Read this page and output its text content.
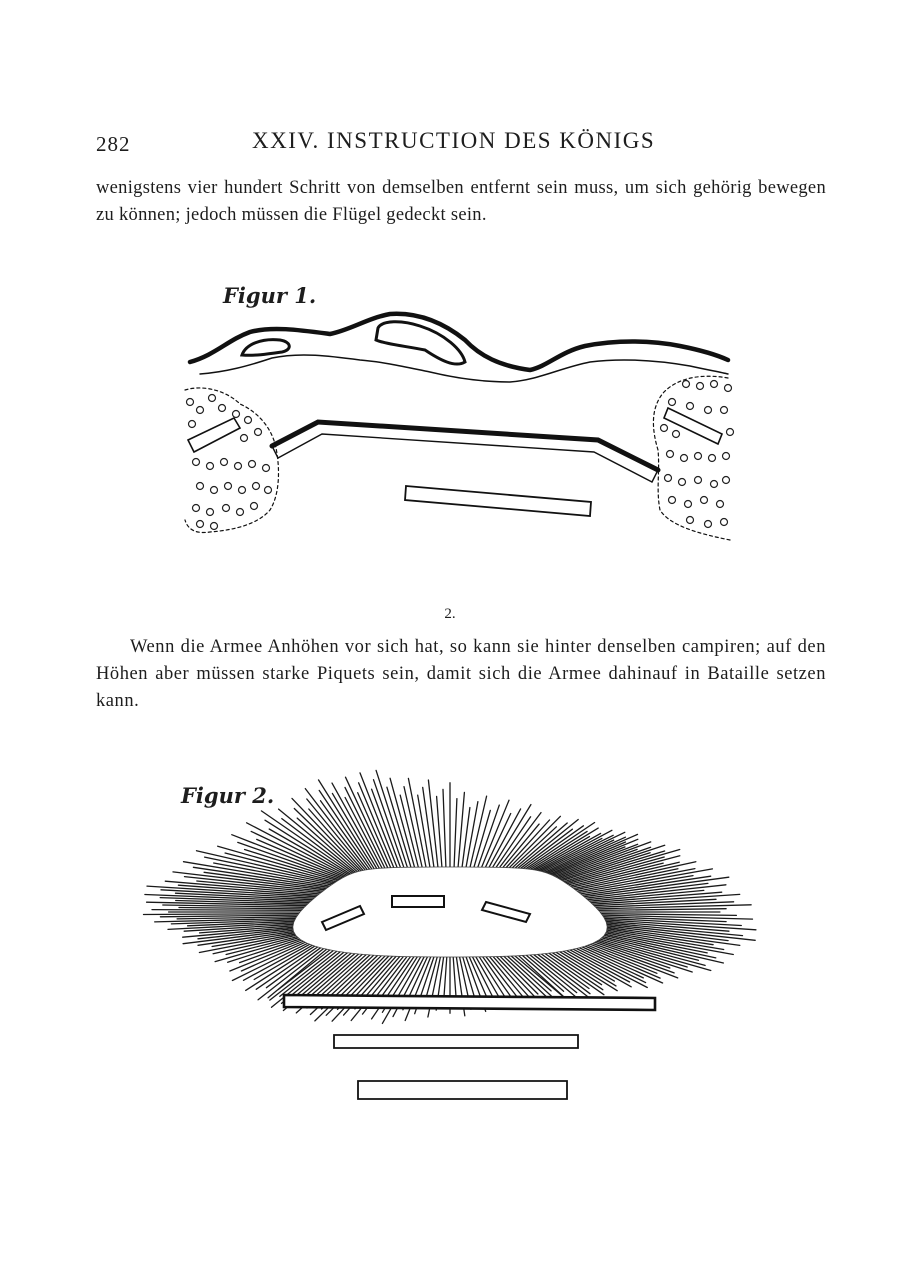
282	XXIV. INSTRUCTION DES KÖNIGS

wenigstens vier hundert Schritt von demselben entfernt sein muss, um sich gehörig bewegen zu können; jedoch müssen die Flügel gedeckt sein.

Figur 1.
2.

Wenn die Armee Anhöhen vor sich hat, so kann sie hinter denselben campiren; auf den Höhen aber müssen starke Piquets sein, damit sich die Armee dahinauf in Bataille setzen kann.

Figur 2.
